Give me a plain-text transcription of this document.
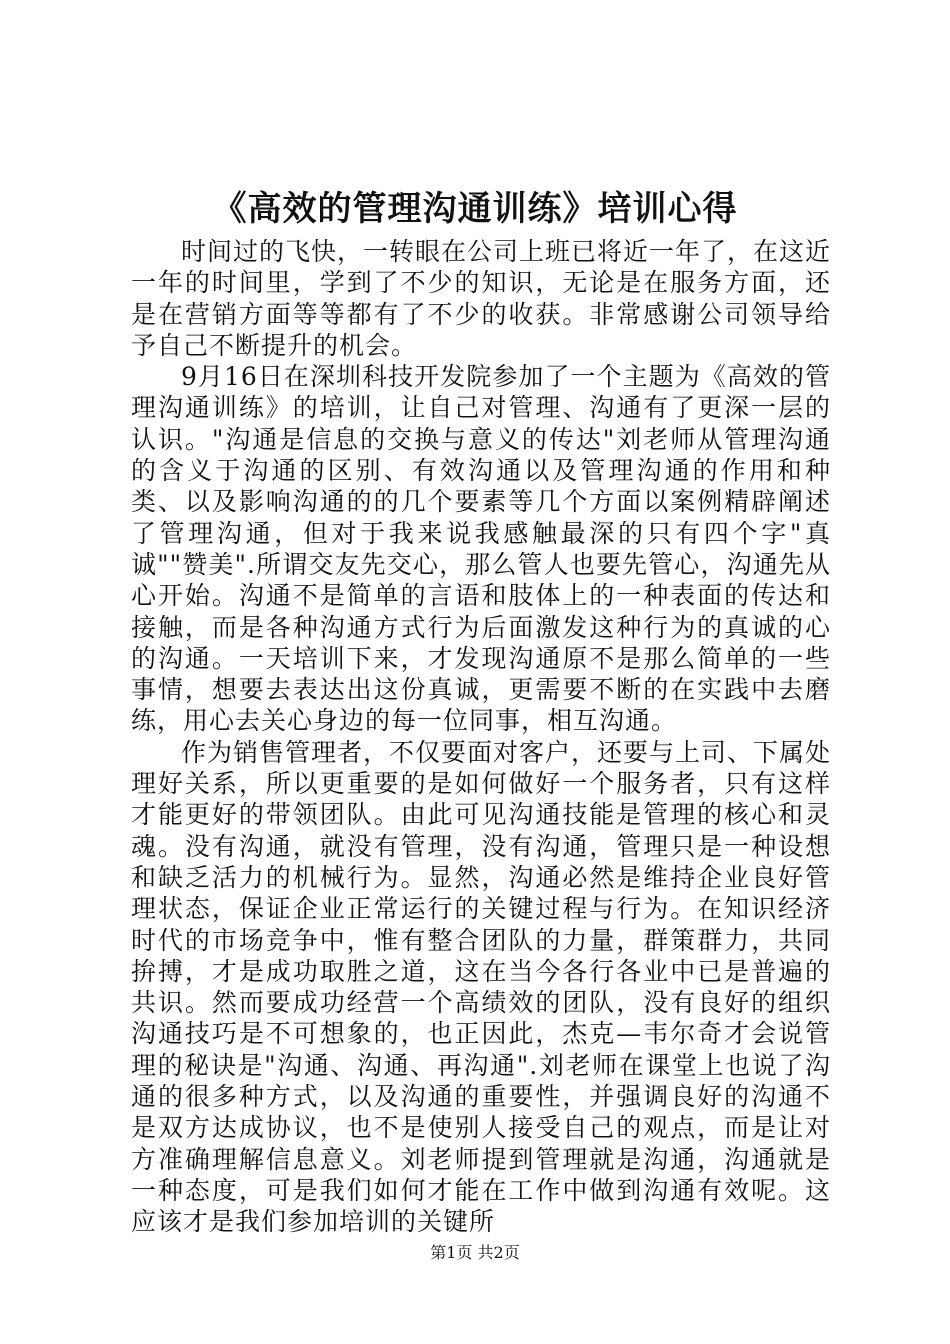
《高效的管理沟通训练》培训心得

时间过的飞快，一转眼在公司上班已将近一年了，在这近一年的时间里，学到了不少的知识，无论是在服务方面，还是在营销方面等等都有了不少的收获。非常感谢公司领导给予自己不断提升的机会。

9月16日在深圳科技开发院参加了一个主题为《高效的管理沟通训练》的培训，让自己对管理、沟通有了更深一层的认识。"沟通是信息的交换与意义的传达"刘老师从管理沟通的含义于沟通的区别、有效沟通以及管理沟通的作用和种类、以及影响沟通的的几个要素等几个方面以案例精辟阐述了管理沟通，但对于我来说我感触最深的只有四个字"真诚""赞美".所谓交友先交心，那么管人也要先管心，沟通先从心开始。沟通不是简单的言语和肢体上的一种表面的传达和接触，而是各种沟通方式行为后面激发这种行为的真诚的心的沟通。一天培训下来，才发现沟通原不是那么简单的一些事情，想要去表达出这份真诚，更需要不断的在实践中去磨练，用心去关心身边的每一位同事，相互沟通。

作为销售管理者，不仅要面对客户，还要与上司、下属处理好关系，所以更重要的是如何做好一个服务者，只有这样才能更好的带领团队。由此可见沟通技能是管理的核心和灵魂。没有沟通，就没有管理，没有沟通，管理只是一种设想和缺乏活力的机械行为。显然，沟通必然是维持企业良好管理状态，保证企业正常运行的关键过程与行为。在知识经济时代的市场竞争中，惟有整合团队的力量，群策群力，共同拚搏，才是成功取胜之道，这在当今各行各业中已是普遍的共识。然而要成功经营一个高绩效的团队，没有良好的组织沟通技巧是不可想象的，也正因此，杰克—韦尔奇才会说管理的秘诀是"沟通、沟通、再沟通".刘老师在课堂上也说了沟通的很多种方式，以及沟通的重要性，并强调良好的沟通不是双方达成协议，也不是使别人接受自己的观点，而是让对方准确理解信息意义。刘老师提到管理就是沟通，沟通就是一种态度，可是我们如何才能在工作中做到沟通有效呢。这应该才是我们参加培训的关键所

第1页 共2页
